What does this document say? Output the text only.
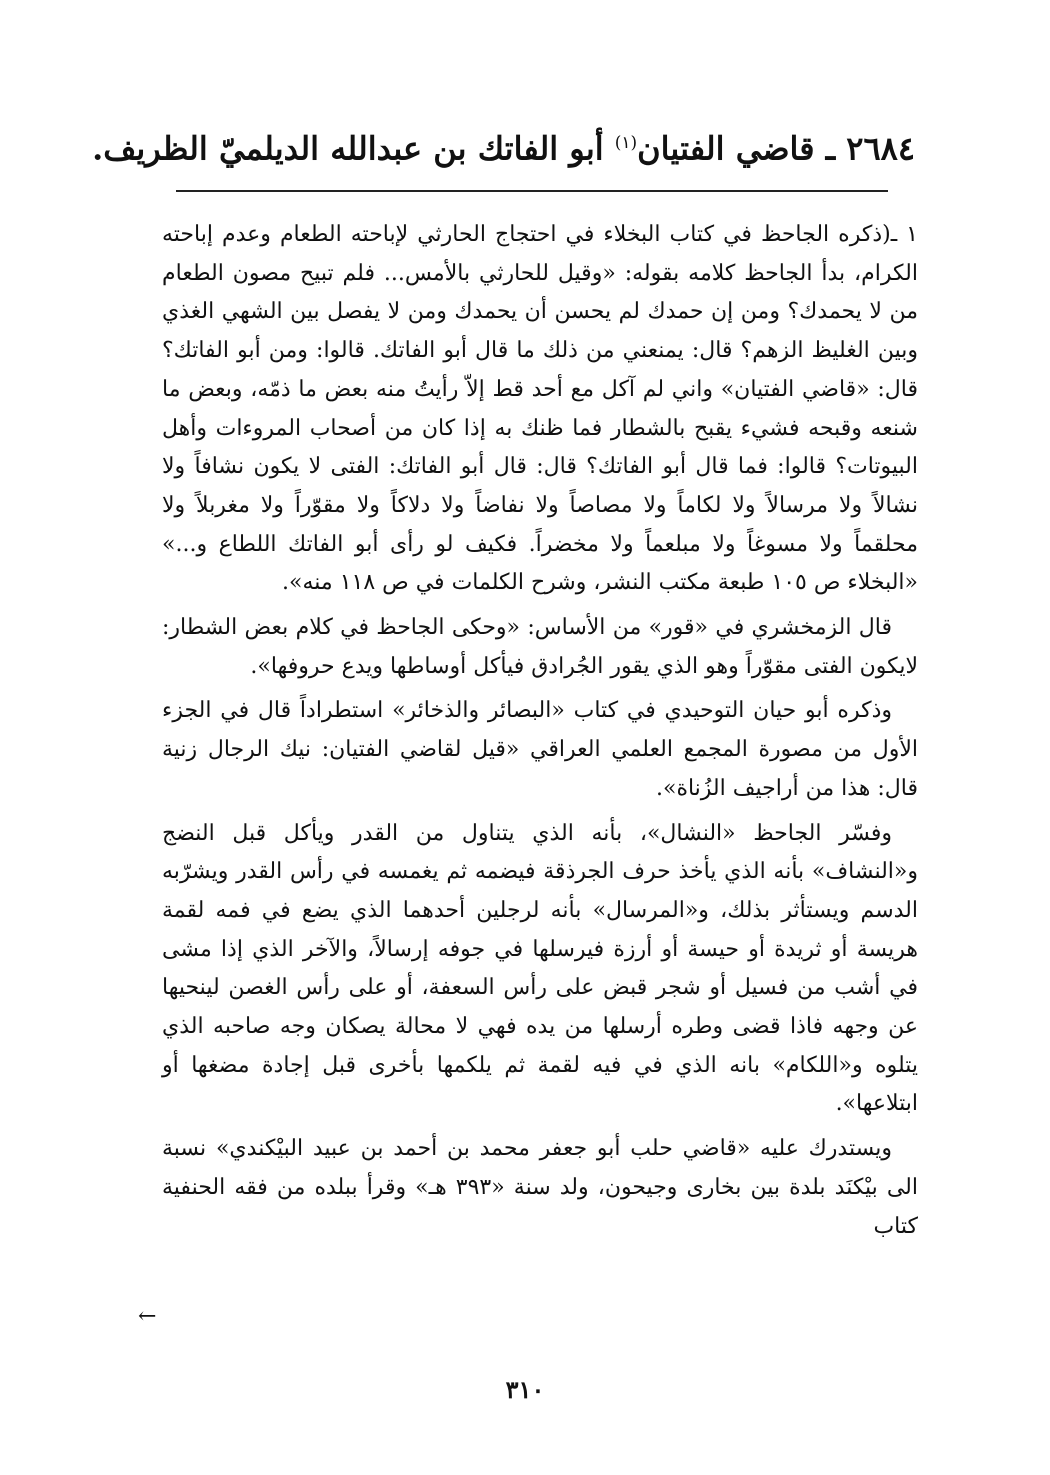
٢٦٨٤ ـ قاضي الفتيان$^{(١)}$ أبو الفاتك بن عبدالله الديلميّ الظريف.

١ ـ(ذكره الجاحظ في كتاب البخلاء في احتجاج الحارثي لإباحته الطعام وعدم إباحته الكرام، بدأ الجاحظ كلامه بقوله: «وقيل للحارثي بالأمس... فلم تبيح مصون الطعام من لا يحمدك؟ ومن إن حمدك لم يحسن أن يحمدك ومن لا يفصل بين الشهي الغذي وبين الغليظ الزهم؟ قال: يمنعني من ذلك ما قال أبو الفاتك. قالوا: ومن أبو الفاتك؟ قال: «قاضي الفتيان» واني لم آكل مع أحد قط إلاّ رأيتُ منه بعض ما ذمّه، وبعض ما شنعه وقبحه فشيء يقبح بالشطار فما ظنك به إذا كان من أصحاب المروءات وأهل البيوتات؟ قالوا: فما قال أبو الفاتك؟ قال: قال أبو الفاتك: الفتى لا يكون نشافاً ولا نشالاً ولا مرسالاً ولا لكاماً ولا مصاصاً ولا نفاضاً ولا دلاكاً ولا مقوّراً ولا مغربلاً ولا محلقماً ولا مسوغاً ولا مبلعماً ولا مخضراً. فكيف لو رأى أبو الفاتك اللطاع و...» «البخلاء ص ١٠٥ طبعة مكتب النشر، وشرح الكلمات في ص ١١٨ منه».

قال الزمخشري في «قور» من الأساس: «وحكى الجاحظ في كلام بعض الشطار: لايكون الفتى مقوّراً وهو الذي يقور الجُرادق فيأكل أوساطها ويدع حروفها».

وذكره أبو حيان التوحيدي في كتاب «البصائر والذخائر» استطراداً قال في الجزء الأول من مصورة المجمع العلمي العراقي «قيل لقاضي الفتيان: نيك الرجال زنية قال: هذا من أراجيف الزُناة».

وفسّر الجاحظ «النشال»، بأنه الذي يتناول من القدر ويأكل قبل النضج و«النشاف» بأنه الذي يأخذ حرف الجرذقة فيضمه ثم يغمسه في رأس القدر ويشرّبه الدسم ويستأثر بذلك، و«المرسال» بأنه لرجلين أحدهما الذي يضع في فمه لقمة هريسة أو ثريدة أو حيسة أو أرزة فيرسلها في جوفه إرسالاً، والآخر الذي إذا مشى في أشب من فسيل أو شجر قبض على رأس السعفة، أو على رأس الغصن لينحيها عن وجهه فاذا قضى وطره أرسلها من يده فهي لا محالة يصكان وجه صاحبه الذي يتلوه و«اللكام» بانه الذي في فيه لقمة ثم يلكمها بأخرى قبل إجادة مضغها أو ابتلاعها».

ويستدرك عليه «قاضي حلب أبو جعفر محمد بن أحمد بن عبيد البيْكندي» نسبة الى بيْكنَد بلدة بين بخارى وجيحون، ولد سنة «٣٩٣ هـ» وقرأ ببلده من فقه الحنفية كتاب

←
٣١٠
